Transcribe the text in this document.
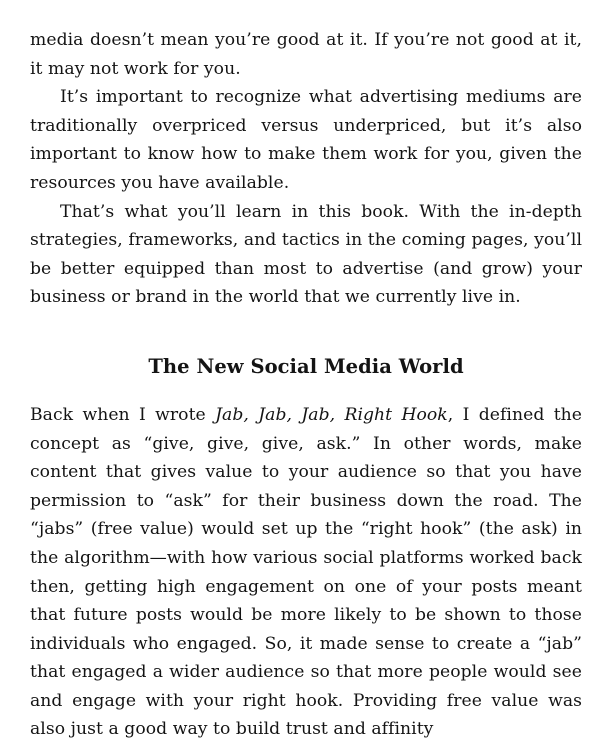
media doesn’t mean you’re good at it. If you’re not good at it, it may not work for you.

It’s important to recognize what advertising mediums are traditionally overpriced versus underpriced, but it’s also important to know how to make them work for you, given the resources you have available.

That’s what you’ll learn in this book. With the in-depth strategies, frameworks, and tactics in the coming pages, you’ll be better equipped than most to advertise (and grow) your business or brand in the world that we currently live in.

The New Social Media World

Back when I wrote Jab, Jab, Jab, Right Hook, I defined the concept as “give, give, give, ask.” In other words, make content that gives value to your audience so that you have permission to “ask” for their business down the road. The “jabs” (free value) would set up the “right hook” (the ask) in the algorithm—with how various social platforms worked back then, getting high engagement on one of your posts meant that future posts would be more likely to be shown to those individuals who engaged. So, it made sense to create a “jab” that engaged a wider audience so that more people would see and engage with your right hook. Providing free value was also just a good way to build trust and affinity
